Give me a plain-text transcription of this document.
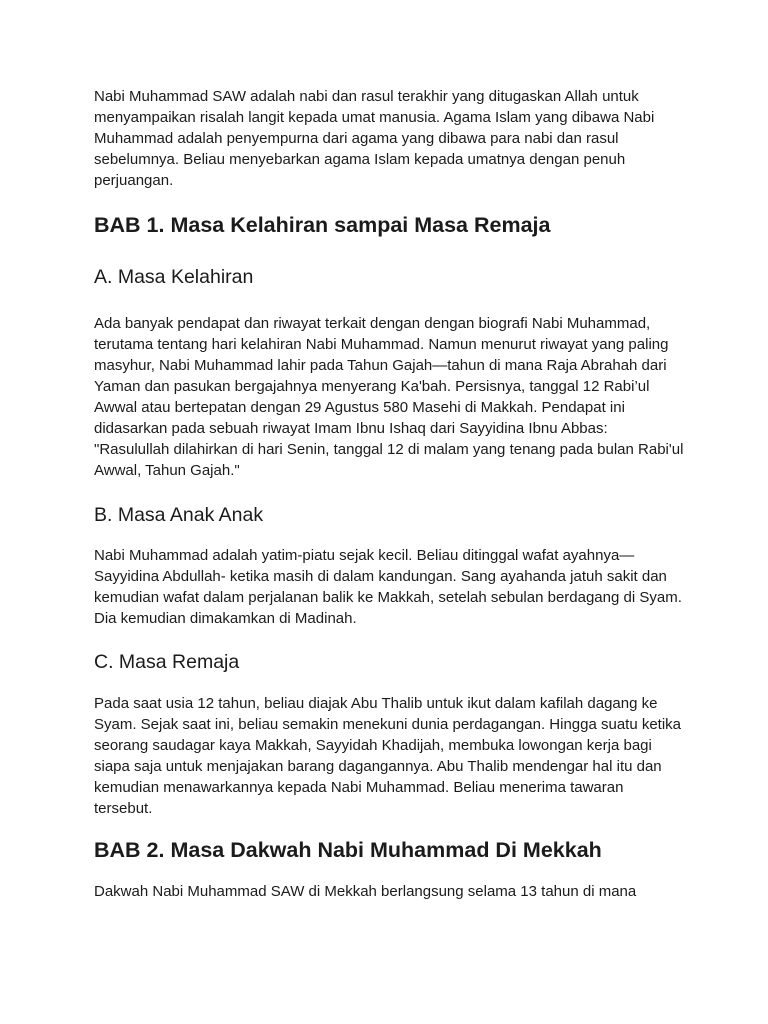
Nabi Muhammad SAW adalah nabi dan rasul terakhir yang ditugaskan Allah untuk menyampaikan risalah langit kepada umat manusia. Agama Islam yang dibawa Nabi Muhammad adalah penyempurna dari agama yang dibawa para nabi dan rasul sebelumnya. Beliau menyebarkan agama Islam kepada umatnya dengan penuh perjuangan.

BAB 1. Masa Kelahiran sampai Masa Remaja
A. Masa Kelahiran

Ada banyak pendapat dan riwayat terkait dengan dengan biografi Nabi Muhammad, terutama tentang hari kelahiran Nabi Muhammad. Namun menurut riwayat yang paling masyhur, Nabi Muhammad lahir pada Tahun Gajah—tahun di mana Raja Abrahah dari Yaman dan pasukan bergajahnya menyerang Ka'bah. Persisnya, tanggal 12 Rabi’ul Awwal atau bertepatan dengan 29 Agustus 580 Masehi di Makkah. Pendapat ini didasarkan pada sebuah riwayat Imam Ibnu Ishaq dari Sayyidina Ibnu Abbas: "Rasulullah dilahirkan di hari Senin, tanggal 12 di malam yang tenang pada bulan Rabi'ul Awwal, Tahun Gajah."

B. Masa Anak Anak

Nabi Muhammad adalah yatim-piatu sejak kecil. Beliau ditinggal wafat ayahnya—Sayyidina Abdullah- ketika masih di dalam kandungan. Sang ayahanda jatuh sakit dan kemudian wafat dalam perjalanan balik ke Makkah, setelah sebulan berdagang di Syam. Dia kemudian dimakamkan di Madinah.

C. Masa Remaja

Pada saat usia 12 tahun, beliau diajak Abu Thalib untuk ikut dalam kafilah dagang ke Syam. Sejak saat ini, beliau semakin menekuni dunia perdagangan. Hingga suatu ketika seorang saudagar kaya Makkah, Sayyidah Khadijah, membuka lowongan kerja bagi siapa saja untuk menjajakan barang dagangannya. Abu Thalib mendengar hal itu dan kemudian menawarkannya kepada Nabi Muhammad. Beliau menerima tawaran tersebut.

BAB 2. Masa Dakwah Nabi Muhammad Di Mekkah

Dakwah Nabi Muhammad SAW di Mekkah berlangsung selama 13 tahun di mana
